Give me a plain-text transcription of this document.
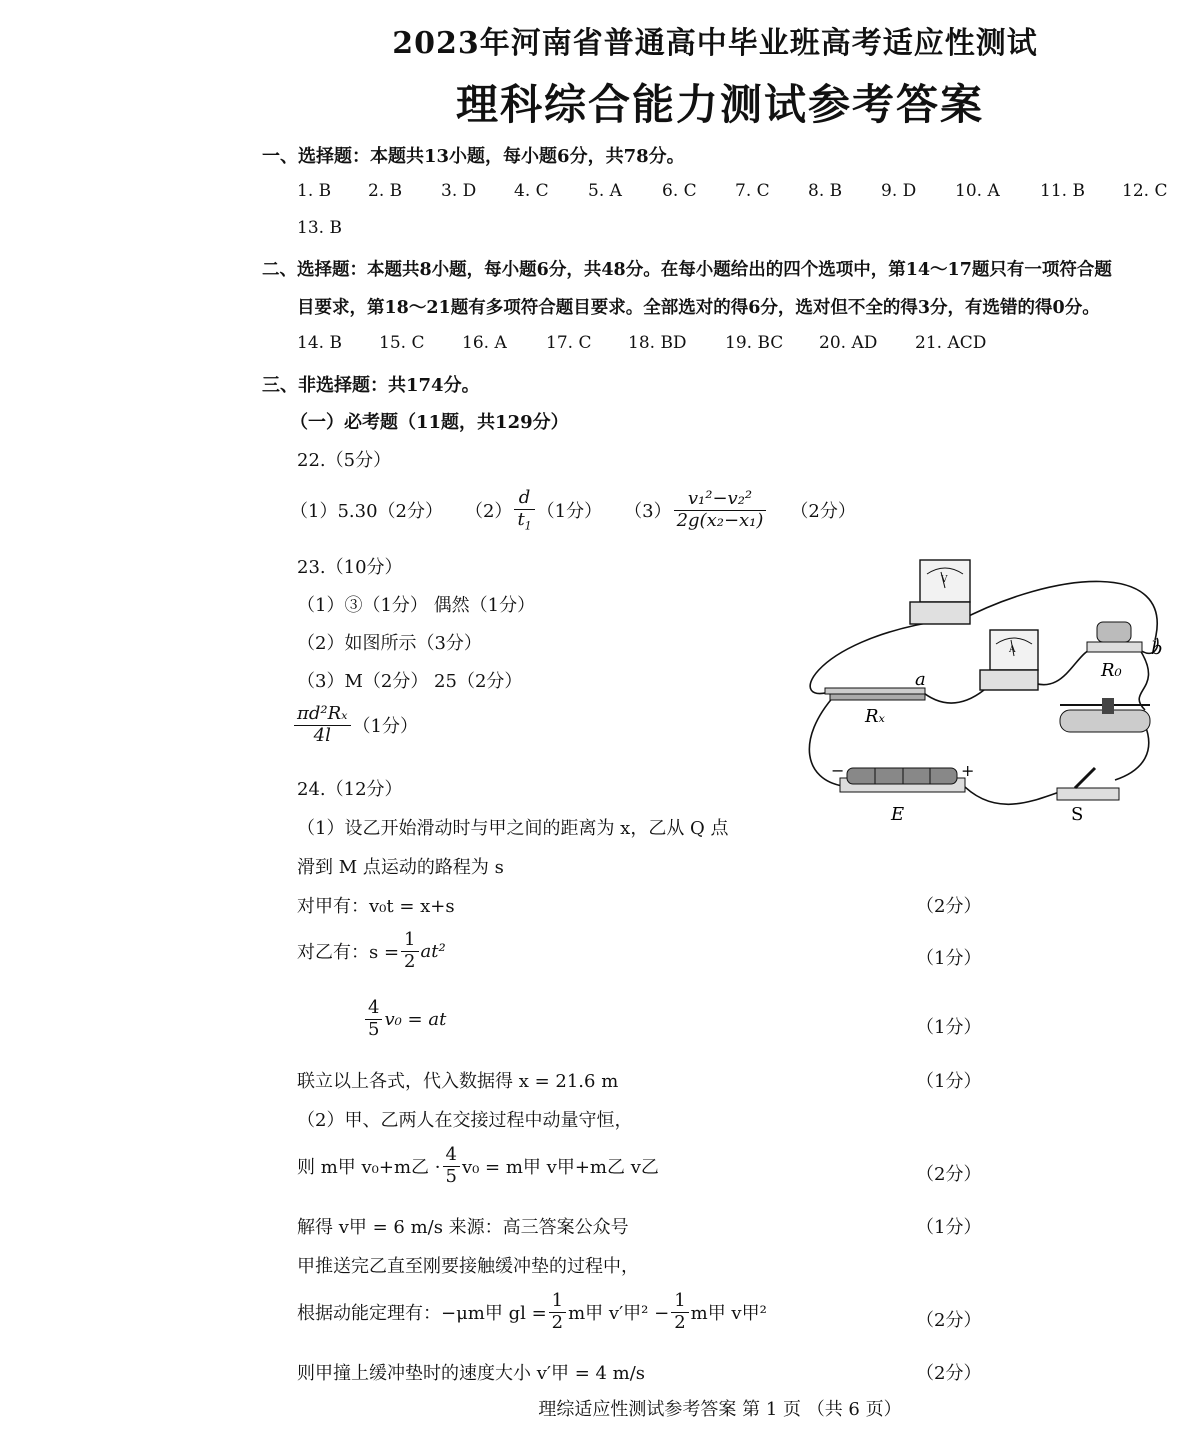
2023年河南省普通高中毕业班高考适应性测试
理科综合能力测试参考答案
一、选择题：本题共13小题，每小题6分，共78分。
1. B 2. B 3. D 4. C 5. A 6. C 7. C 8. B 9. D 10. A 11. B 12. C
13. B
二、选择题：本题共8小题，每小题6分，共48分。在每小题给出的四个选项中，第14～17题只有一项符合题
目要求，第18～21题有多项符合题目要求。全部选对的得6分，选对但不全的得3分，有选错的得0分。
14. B 15. C 16. A 17. C 18. BD 19. BC 20. AD 21. ACD
三、非选择题：共174分。
（一）必考题（11题，共129分）
22.（5分）
（1）5.30（2分） $(2) \frac{d}{t_1} (1$分） $(3) \frac{\text{v₁²−v₂²}}{\text{2g(x₂−x₁)}} (2$分）
23.（10分）
（1）③（1分） 偶然（1分）
（2）如图所示（3分）
（3）M（2分） 25（2分）
$\frac{\text{πd²Rₓ}}{4l} (1$分）
V
A
a
b
R₀
Rₓ
E	S
−	+
24.（12分）
（1）设乙开始滑动时与甲之间的距离为 x，乙从 Q 点
滑到 M 点运动的路程为 s
对甲有：v₀t = x+s	（2分）
对乙有：$s = \frac{1}{2} at^2$	（1分）
$\frac{4}{5} v_0$ = at	（1分）
联立以上各式，代入数据得 x = 21.6 m	（1分）
（2）甲、乙两人在交接过程中动量守恒，
则 m甲 v₀+m乙 · $\frac{4}{5} v_0 = m$甲 v甲+m乙 v乙	（2分）
解得 v甲 = 6 m/s 来源：高三答案公众号	（1分）
甲推送完乙直至刚要接触缓冲垫的过程中，
根据动能定理有：−μm甲 gl = $\frac{1}{2}$ m甲 v′甲$^2 - \frac{1}{2}$ m甲 v甲²	（2分）
则甲撞上缓冲垫时的速度大小 v′甲 = 4 m/s	（2分）
理综适应性测试参考答案 第 1 页 （共 6 页）
